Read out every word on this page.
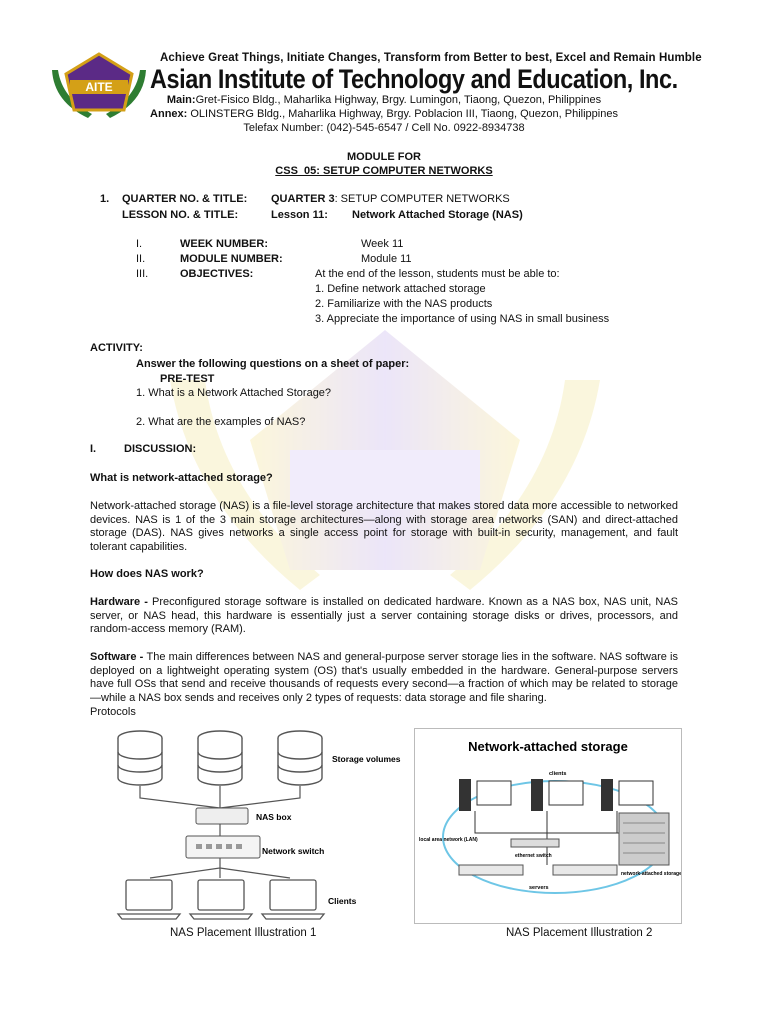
AITE
Achieve Great Things, Initiate Changes, Transform from Better to best, Excel and Remain Humble
Asian Institute of Technology and Education, Inc.
Main:Gret-Fisico Bldg., Maharlika Highway, Brgy. Lumingon, Tiaong, Quezon, Philippines
Annex: OLINSTERG Bldg., Maharlika Highway, Brgy. Poblacion III, Tiaong, Quezon, Philippines
Telefax Number: (042)-545-6547 / Cell No. 0922-8934738
MODULE FOR
CSS_05: SETUP COMPUTER NETWORKS
1. QUARTER NO. & TITLE: QUARTER 3: SETUP COMPUTER NETWORKS
LESSON NO. & TITLE:	Lesson 11: Network Attached Storage (NAS)
I.	WEEK NUMBER:	Week 11
II.	MODULE NUMBER:	Module 11
III.	OBJECTIVES:	At the end of the lesson, students must be able to:
1. Define network attached storage
2. Familiarize with the NAS products
3. Appreciate the importance of using NAS in small business
ACTIVITY:
Answer the following questions on a sheet of paper:
PRE-TEST
1. What is a Network Attached Storage?
2. What are the examples of NAS?
I.	DISCUSSION:
What is network-attached storage?

Network-attached storage (NAS) is a file-level storage architecture that makes stored data more accessible to networked devices. NAS is 1 of the 3 main storage architectures—along with storage area networks (SAN) and direct-attached storage (DAS). NAS gives networks a single access point for storage with built-in security, management, and fault tolerant capabilities.

How does NAS work?

Hardware - Preconfigured storage software is installed on dedicated hardware. Known as a NAS box, NAS unit, NAS server, or NAS head, this hardware is essentially just a server containing storage disks or drives, processors, and random-access memory (RAM).

Software - The main differences between NAS and general-purpose server storage lies in the software. NAS software is deployed on a lightweight operating system (OS) that's usually embedded in the hardware. General-purpose servers have full OSs that send and receive thousands of requests every second—a fraction of which may be related to storage—while a NAS box sends and receives only 2 types of requests: data storage and file sharing.

Protocols
Storage volumes
NAS box
Network switch
Clients
NAS Placement Illustration 1
Network-attached storage
clients
local area network (LAN)
ethernet switch
network-attached storage
servers
NAS Placement Illustration 2
